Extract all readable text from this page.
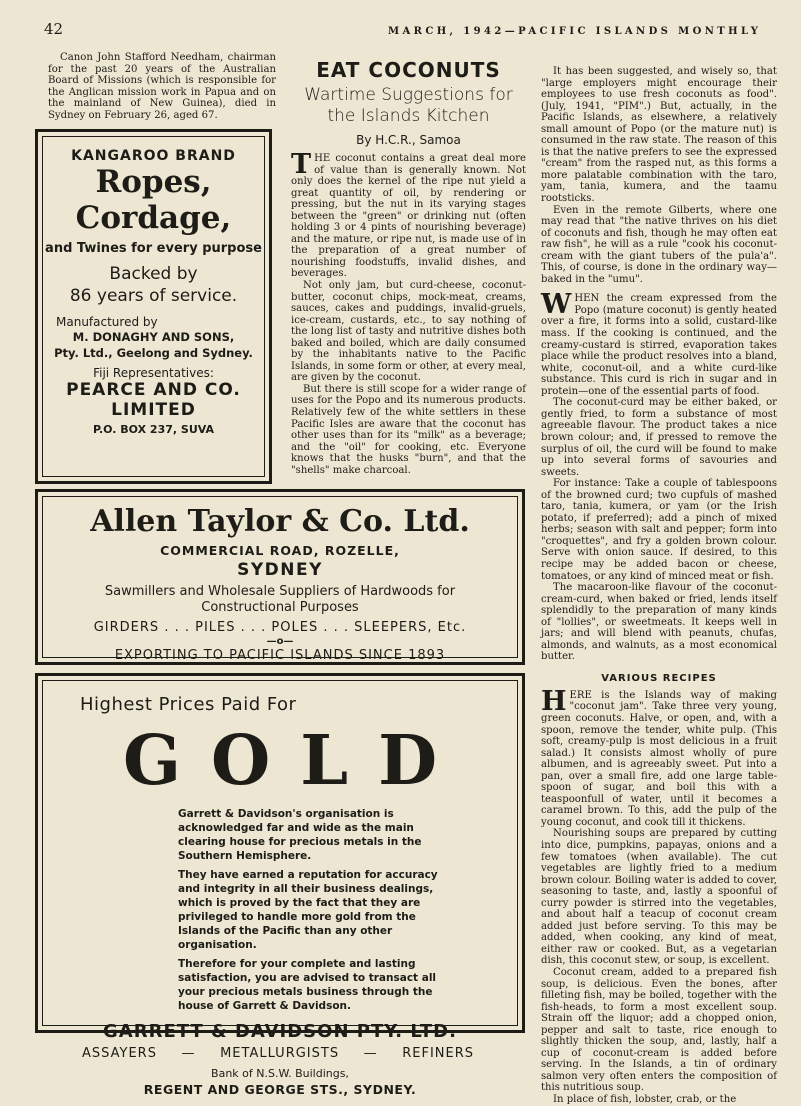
42	MARCH, 1942—PACIFIC ISLANDS MONTHLY
Canon John Stafford Needham, chairman for the past 20 years of the Australian Board of Missions (which is responsible for the Anglican mission work in Papua and on the mainland of New Guinea), died in Sydney on February 26, aged 67.
KANGAROO BRAND
Ropes,
Cordage,
and Twines for every purpose
Backed by
86 years of service.
Manufactured by
M. DONAGHY AND SONS,
Pty. Ltd., Geelong and Sydney.
Fiji Representatives:
PEARCE AND CO.
LIMITED
P.O. BOX 237, SUVA
Allen Taylor & Co. Ltd.
COMMERCIAL ROAD, ROZELLE,
SYDNEY
Sawmillers and Wholesale Suppliers of Hardwoods for
Constructional Purposes
GIRDERS . . . PILES . . . POLES . . . SLEEPERS, Etc.
—o—
EXPORTING TO PACIFIC ISLANDS SINCE 1893
Highest Prices Paid For
GOLD

Garrett & Davidson's organisation is acknowledged far and wide as the main clearing house for precious metals in the Southern Hemisphere.

They have earned a reputation for accuracy and integrity in all their business dealings, which is proved by the fact that they are privileged to handle more gold from the Islands of the Pacific than any other organisation.

Therefore for your complete and lasting satisfaction, you are advised to transact all your precious metals business through the house of Garrett & Davidson.

GARRETT & DAVIDSON PTY. LTD.
ASSAYERS — METALLURGISTS — REFINERS
Bank of N.S.W. Buildings,
REGENT AND GEORGE STS., SYDNEY.
EAT COCONUTS
Wartime Suggestions for the Islands Kitchen
By H.C.R., Samoa
THE coconut contains a great deal more of value than is generally known. Not only does the kernel of the ripe nut yield a great quantity of oil, by rendering or pressing, but the nut in its varying stages between the "green" or drinking nut (often holding 3 or 4 pints of nourishing beverage) and the mature, or ripe nut, is made use of in the preparation of a great number of nourishing foodstuffs, invalid dishes, and beverages.
Not only jam, but curd-cheese, coconut-butter, coconut chips, mock-meat, creams, sauces, cakes and puddings, invalid-gruels, ice-cream, custards, etc., to say nothing of the long list of tasty and nutritive dishes both baked and boiled, which are daily consumed by the inhabitants native to the Pacific Islands, in some form or other, at every meal, are given by the coconut.
But there is still scope for a wider range of uses for the Popo and its numerous products. Relatively few of the white settlers in these Pacific Isles are aware that the coconut has other uses than for its "milk" as a beverage; and the "oil" for cooking, etc. Everyone knows that the husks "burn", and that the "shells" make charcoal.
It has been suggested, and wisely so, that "large employers might encourage their employees to use fresh coconuts as food". (July, 1941, "PIM".) But, actually, in the Pacific Islands, as elsewhere, a relatively small amount of Popo (or the mature nut) is consumed in the raw state. The reason of this is that the native prefers to see the expressed "cream" from the rasped nut, as this forms a more palatable combination with the taro, yam, tania, kumera, and the taamu rootsticks.
Even in the remote Gilberts, where one may read that "the native thrives on his diet of coconuts and fish, though he may often eat raw fish", he will as a rule "cook his coconut-cream with the giant tubers of the pula'a". This, of course, is done in the ordinary way—baked in the "umu".
WHEN the cream expressed from the Popo (mature coconut) is gently heated over a fire, it forms into a solid, custard-like mass. If the cooking is continued, and the creamy-custard is stirred, evaporation takes place while the product resolves into a bland, white, coconut-oil, and a white curd-like substance. This curd is rich in sugar and in protein—one of the essential parts of food.
The coconut-curd may be either baked, or gently fried, to form a substance of most agreeable flavour. The product takes a nice brown colour; and, if pressed to remove the surplus of oil, the curd will be found to make up into several forms of savouries and sweets.
For instance: Take a couple of tablespoons of the browned curd; two cupfuls of mashed taro, tania, kumera, or yam (or the Irish potato, if preferred); add a pinch of mixed herbs; season with salt and pepper; form into "croquettes", and fry a golden brown colour. Serve with onion sauce. If desired, to this recipe may be added bacon or cheese, tomatoes, or any kind of minced meat or fish.
The macaroon-like flavour of the coconut-cream-curd, when baked or fried, lends itself splendidly to the preparation of many kinds of "lollies", or sweetmeats. It keeps well in jars; and will blend with peanuts, chufas, almonds, and walnuts, as a most economical butter.
VARIOUS RECIPES
HERE is the Islands way of making "coconut jam". Take three very young, green coconuts. Halve, or open, and, with a spoon, remove the tender, white pulp. (This soft, creamy-pulp is most delicious in a fruit salad.) It consists almost wholly of pure albumen, and is agreeably sweet. Put into a pan, over a small fire, add one large table-spoon of sugar, and boil this with a teaspoonfull of water, until it becomes a caramel brown. To this, add the pulp of the young coconut, and cook till it thickens.
Nourishing soups are prepared by cutting into dice, pumpkins, papayas, onions and a few tomatoes (when available). The cut vegetables are lightly fried to a medium brown colour. Boiling water is added to cover, seasoning to taste, and, lastly a spoonful of curry powder is stirred into the vegetables, and about half a teacup of coconut cream added just before serving. To this may be added, when cooking, any kind of meat, either raw or cooked. But, as a vegetarian dish, this coconut stew, or soup, is excellent.
Coconut cream, added to a prepared fish soup, is delicious. Even the bones, after filleting fish, may be boiled, together with the fish-heads, to form a most excellent soup. Strain off the liquor; add a chopped onion, pepper and salt to taste, rice enough to slightly thicken the soup, and, lastly, half a cup of coconut-cream is added before serving. In the Islands, a tin of ordinary salmon very often enters the composition of this nutritious soup.
In place of fish, lobster, crab, or the
